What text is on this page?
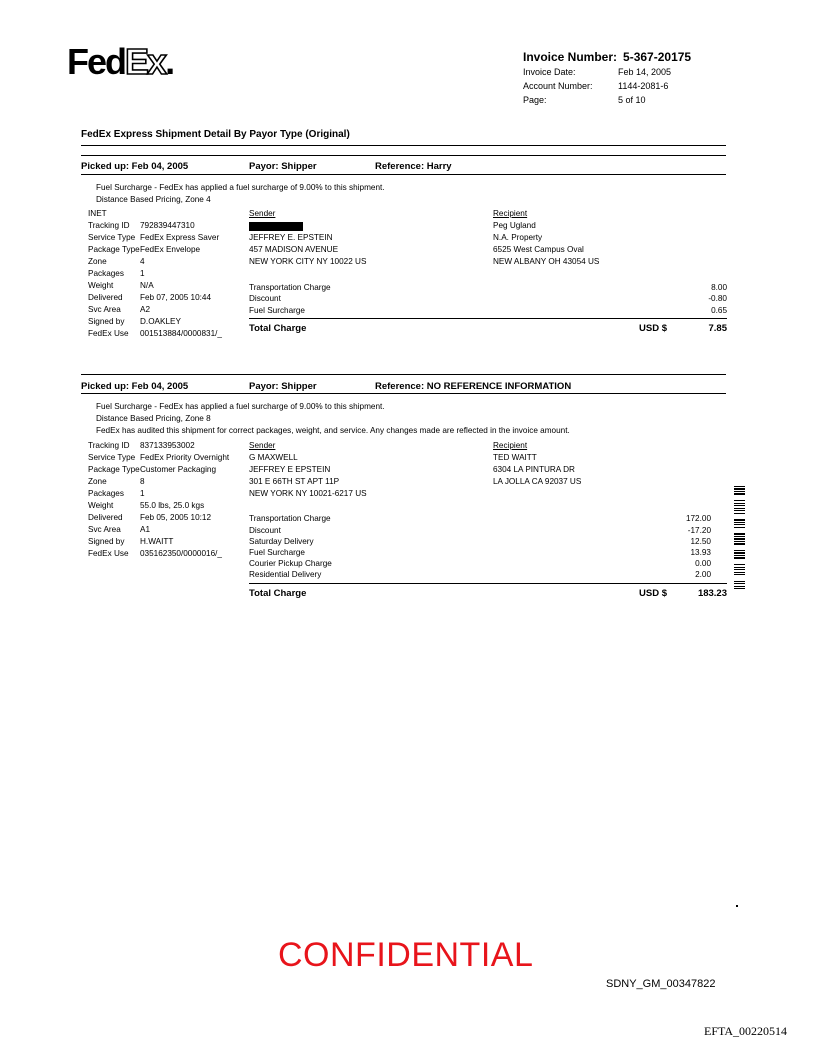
FedEx.	Invoice Number: 5-367-20175
Invoice Date:	Feb 14, 2005
Account Number:	1144-2081-6
Page:	5 of 10
FedEx Express Shipment Detail By Payor Type (Original)
Picked up: Feb 04, 2005	Payor: Shipper	Reference: Harry
Fuel Surcharge - FedEx has applied a fuel surcharge of 9.00% to this shipment.
Distance Based Pricing, Zone 4
INET
Tracking ID 792839447310
Service Type FedEx Express Saver
Package TypeFedEx Envelope
Zone	4
Packages 1
Weight	N/A
Delivered Feb 07, 2005 10:44
Svc Area A2
Signed by D.OAKLEY
FedEx Use 001513884/0000831/_
Sender
JEFFREY E. EPSTEIN
457 MADISON AVENUE
NEW YORK CITY NY 10022 US
Recipient
Peg Ugland
N.A. Property
6525 West Campus Oval
NEW ALBANY OH 43054 US
Transportation Charge	8.00
Discount	-0.80
Fuel Surcharge	0.65
Total Charge	USD $	7.85
Picked up: Feb 04, 2005	Payor: Shipper	Reference: NO REFERENCE INFORMATION
Fuel Surcharge - FedEx has applied a fuel surcharge of 9.00% to this shipment.
Distance Based Pricing, Zone 8
FedEx has audited this shipment for correct packages, weight, and service. Any changes made are reflected in the invoice amount.
Tracking ID 837133953002
Service Type FedEx Priority Overnight
Package TypeCustomer Packaging
Zone	8
Packages 1
Weight	55.0 lbs, 25.0 kgs
Delivered Feb 05, 2005 10:12
Svc Area A1
Signed by H.WAITT
FedEx Use 035162350/0000016/_
Sender
G MAXWELL
JEFFREY E EPSTEIN
301 E 66TH ST APT 11P
NEW YORK NY 10021-6217 US
Recipient
TED WAITT
6304 LA PINTURA DR
LA JOLLA CA 92037 US
Transportation Charge	172.00
Discount	-17.20
Saturday Delivery	12.50
Fuel Surcharge	13.93
Courier Pickup Charge	0.00
Residential Delivery	2.00
Total Charge	USD $	183.23
CONFIDENTIAL
SDNY_GM_00347822
EFTA_00220514
